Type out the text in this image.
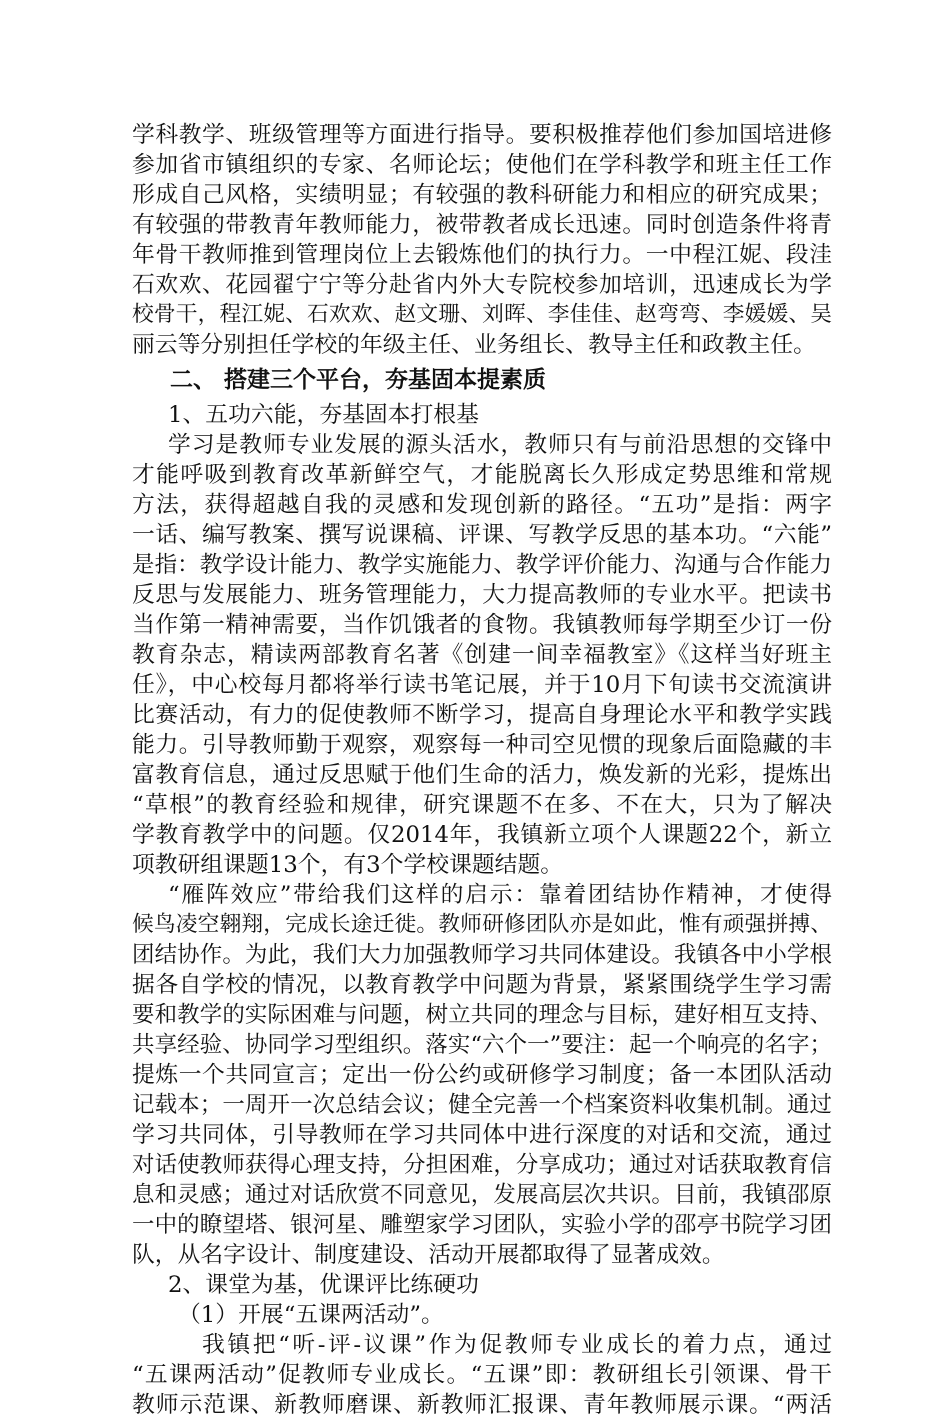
学科教学、班级管理等方面进行指导。要积极推荐他们参加国培进修
参加省市镇组织的专家、名师论坛；使他们在学科教学和班主任工作
形成自己风格，实绩明显；有较强的教科研能力和相应的研究成果；
有较强的带教青年教师能力，被带教者成长迅速。同时创造条件将青
年骨干教师推到管理岗位上去锻炼他们的执行力。一中程江妮、段洼
石欢欢、花园翟宁宁等分赴省内外大专院校参加培训，迅速成长为学
校骨干，程江妮、石欢欢、赵文珊、刘晖、李佳佳、赵弯弯、李媛媛、吴
丽云等分别担任学校的年级主任、业务组长、教导主任和政教主任。
二、 搭建三个平台，夯基固本提素质
1、五功六能，夯基固本打根基
学习是教师专业发展的源头活水，教师只有与前沿思想的交锋中
才能呼吸到教育改革新鲜空气，才能脱离长久形成定势思维和常规
方法，获得超越自我的灵感和发现创新的路径。“五功”是指：两字
一话、编写教案、撰写说课稿、评课、写教学反思的基本功。“六能”
是指：教学设计能力、教学实施能力、教学评价能力、沟通与合作能力
反思与发展能力、班务管理能力，大力提高教师的专业水平。把读书
当作第一精神需要，当作饥饿者的食物。我镇教师每学期至少订一份
教育杂志，精读两部教育名著《创建一间幸福教室》《这样当好班主
任》，中心校每月都将举行读书笔记展，并于10月下旬读书交流演讲
比赛活动，有力的促使教师不断学习，提高自身理论水平和教学实践
能力。引导教师勤于观察，观察每一种司空见惯的现象后面隐藏的丰
富教育信息，通过反思赋于他们生命的活力，焕发新的光彩，提炼出
“草根”的教育经验和规律，研究课题不在多、不在大，只为了解决
学教育教学中的问题。仅2014年，我镇新立项个人课题22个，新立
项教研组课题13个，有3个学校课题结题。
“雁阵效应”带给我们这样的启示：靠着团结协作精神，才使得
候鸟凌空翱翔，完成长途迁徙。教师研修团队亦是如此，惟有顽强拼搏、
团结协作。为此，我们大力加强教师学习共同体建设。我镇各中小学根
据各自学校的情况，以教育教学中问题为背景，紧紧围绕学生学习需
要和教学的实际困难与问题，树立共同的理念与目标，建好相互支持、
共享经验、协同学习型组织。落实“六个一”要注：起一个响亮的名字；
提炼一个共同宣言；定出一份公约或研修学习制度；备一本团队活动
记载本；一周开一次总结会议；健全完善一个档案资料收集机制。通过
学习共同体，引导教师在学习共同体中进行深度的对话和交流，通过
对话使教师获得心理支持，分担困难，分享成功；通过对话获取教育信
息和灵感；通过对话欣赏不同意见，发展高层次共识。目前，我镇邵原
一中的瞭望塔、银河星、雕塑家学习团队，实验小学的邵亭书院学习团
队，从名字设计、制度建设、活动开展都取得了显著成效。
2、课堂为基，优课评比练硬功
（1）开展“五课两活动”。
我镇把“听-评-议课”作为促教师专业成长的着力点，通过
“五课两活动”促教师专业成长。“五课”即：教研组长引领课、骨干
教师示范课、新教师磨课、新教师汇报课、青年教师展示课。“两活
